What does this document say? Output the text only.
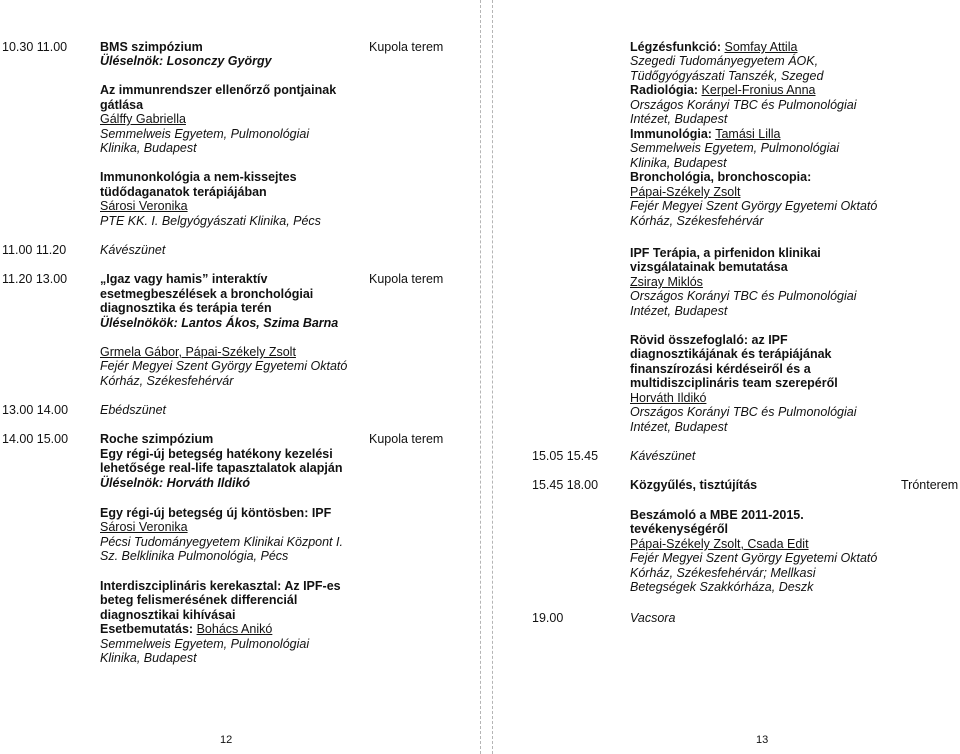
10.30 11.00	BMS szimpózium	Kupola terem
Üléselnök: Losonczy György
Az immunrendszer ellenőrző pontjainak
gátlása
Gálffy Gabriella
Semmelweis Egyetem, Pulmonológiai
Klinika, Budapest
Immunonkológia a nem-kissejtes
tüdődaganatok terápiájában
Sárosi Veronika
PTE KK. I. Belgyógyászati Klinika, Pécs
11.00 11.20	Kávészünet
11.20 13.00	„Igaz vagy hamis” interaktív	Kupola terem
esetmegbeszélések a bronchológiai
diagnosztika és terápia terén
Üléselnökök: Lantos Ákos, Szima Barna
Grmela Gábor, Pápai-Székely Zsolt
Fejér Megyei Szent György Egyetemi Oktató
Kórház, Székesfehérvár
13.00 14.00	Ebédszünet
14.00 15.00	Roche szimpózium	Kupola terem
Egy régi-új betegség hatékony kezelési
lehetősége real-life tapasztalatok alapján
Üléselnök: Horváth Ildikó
Egy régi-új betegség új köntösben: IPF
Sárosi Veronika
Pécsi Tudományegyetem Klinikai Központ I.
Sz. Belklinika Pulmonológia, Pécs
Interdiszciplináris kerekasztal: Az IPF-es
beteg felismerésének differenciál
diagnosztikai kihívásai
Esetbemutatás: Bohács Anikó
Semmelweis Egyetem, Pulmonológiai
Klinika, Budapest
12
Légzésfunkció: Somfay Attila
Szegedi Tudományegyetem ÁOK,
Tüdőgyógyászati Tanszék, Szeged
Radiológia: Kerpel-Fronius Anna
Országos Korányi TBC és Pulmonológiai
Intézet, Budapest
Immunológia: Tamási Lilla
Semmelweis Egyetem, Pulmonológiai
Klinika, Budapest
Bronchológia, bronchoscopia:
Pápai-Székely Zsolt
Fejér Megyei Szent György Egyetemi Oktató
Kórház, Székesfehérvár
IPF Terápia, a pirfenidon klinikai
vizsgálatainak bemutatása
Zsiray Miklós
Országos Korányi TBC és Pulmonológiai
Intézet, Budapest
Rövid összefoglaló: az IPF
diagnosztikájának és terápiájának
finanszírozási kérdéseiről és a
multidiszciplináris team szerepéről
Horváth Ildikó
Országos Korányi TBC és Pulmonológiai
Intézet, Budapest
15.05 15.45	Kávészünet
15.45 18.00	Közgyűlés, tisztújítás	Trónterem
Beszámoló a MBE 2011-2015.
tevékenységéről
Pápai-Székely Zsolt, Csada Edit
Fejér Megyei Szent György Egyetemi Oktató
Kórház, Székesfehérvár; Mellkasi
Betegségek Szakkórháza, Deszk
19.00	Vacsora
13
